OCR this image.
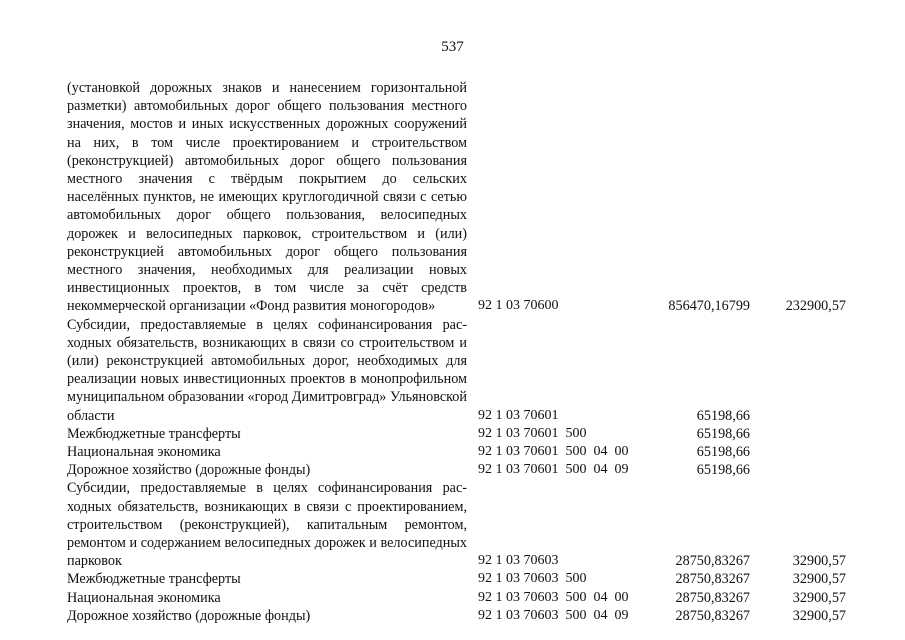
537
(установкой дорожных знаков и нанесением горизонтальной разметки) автомобильных дорог общего пользования местного значения, мостов и иных искусственных дорожных сооружений на них, в том числе проектированием и строительством (реконструкцией) автомобильных дорог общего пользования местного значения с твёрдым покрытием до сельских населённых пунктов, не имеющих круглогодичной связи с сетью автомобильных дорог общего пользования, велосипедных дорожек и велосипедных парковок, строительством и (или) реконструкцией автомобильных дорог общего пользования местного значения, необходимых для реализации новых инвестиционных проектов, в том числе за счёт средств некоммерческой организации «Фонд развития моногородов»	92 1 03 70600	856470,16799	232900,57
Субсидии, предоставляемые в целях софинансирования расходных обязательств, возникающих в связи со строительством и (или) реконструкцией автомобильных дорог, необходимых для реализации новых инвестиционных проектов в монопрофильном муниципальном образовании «город Димитровград» Ульяновской области	92 1 03 70601	65198,66
Межбюджетные трансферты	92 1 03 70601  500	65198,66
Национальная экономика	92 1 03 70601  500  04  00	65198,66
Дорожное хозяйство (дорожные фонды)	92 1 03 70601  500  04  09	65198,66
Субсидии, предоставляемые в целях софинансирования расходных обязательств, возникающих в связи с проектированием, строительством (реконструкцией), капитальным ремонтом, ремонтом и содержанием велосипедных дорожек и велосипедных парковок	92 1 03 70603	28750,83267	32900,57
Межбюджетные трансферты	92 1 03 70603  500	28750,83267	32900,57
Национальная экономика	92 1 03 70603  500  04  00	28750,83267	32900,57
Дорожное хозяйство (дорожные фонды)	92 1 03 70603  500  04  09	28750,83267	32900,57
